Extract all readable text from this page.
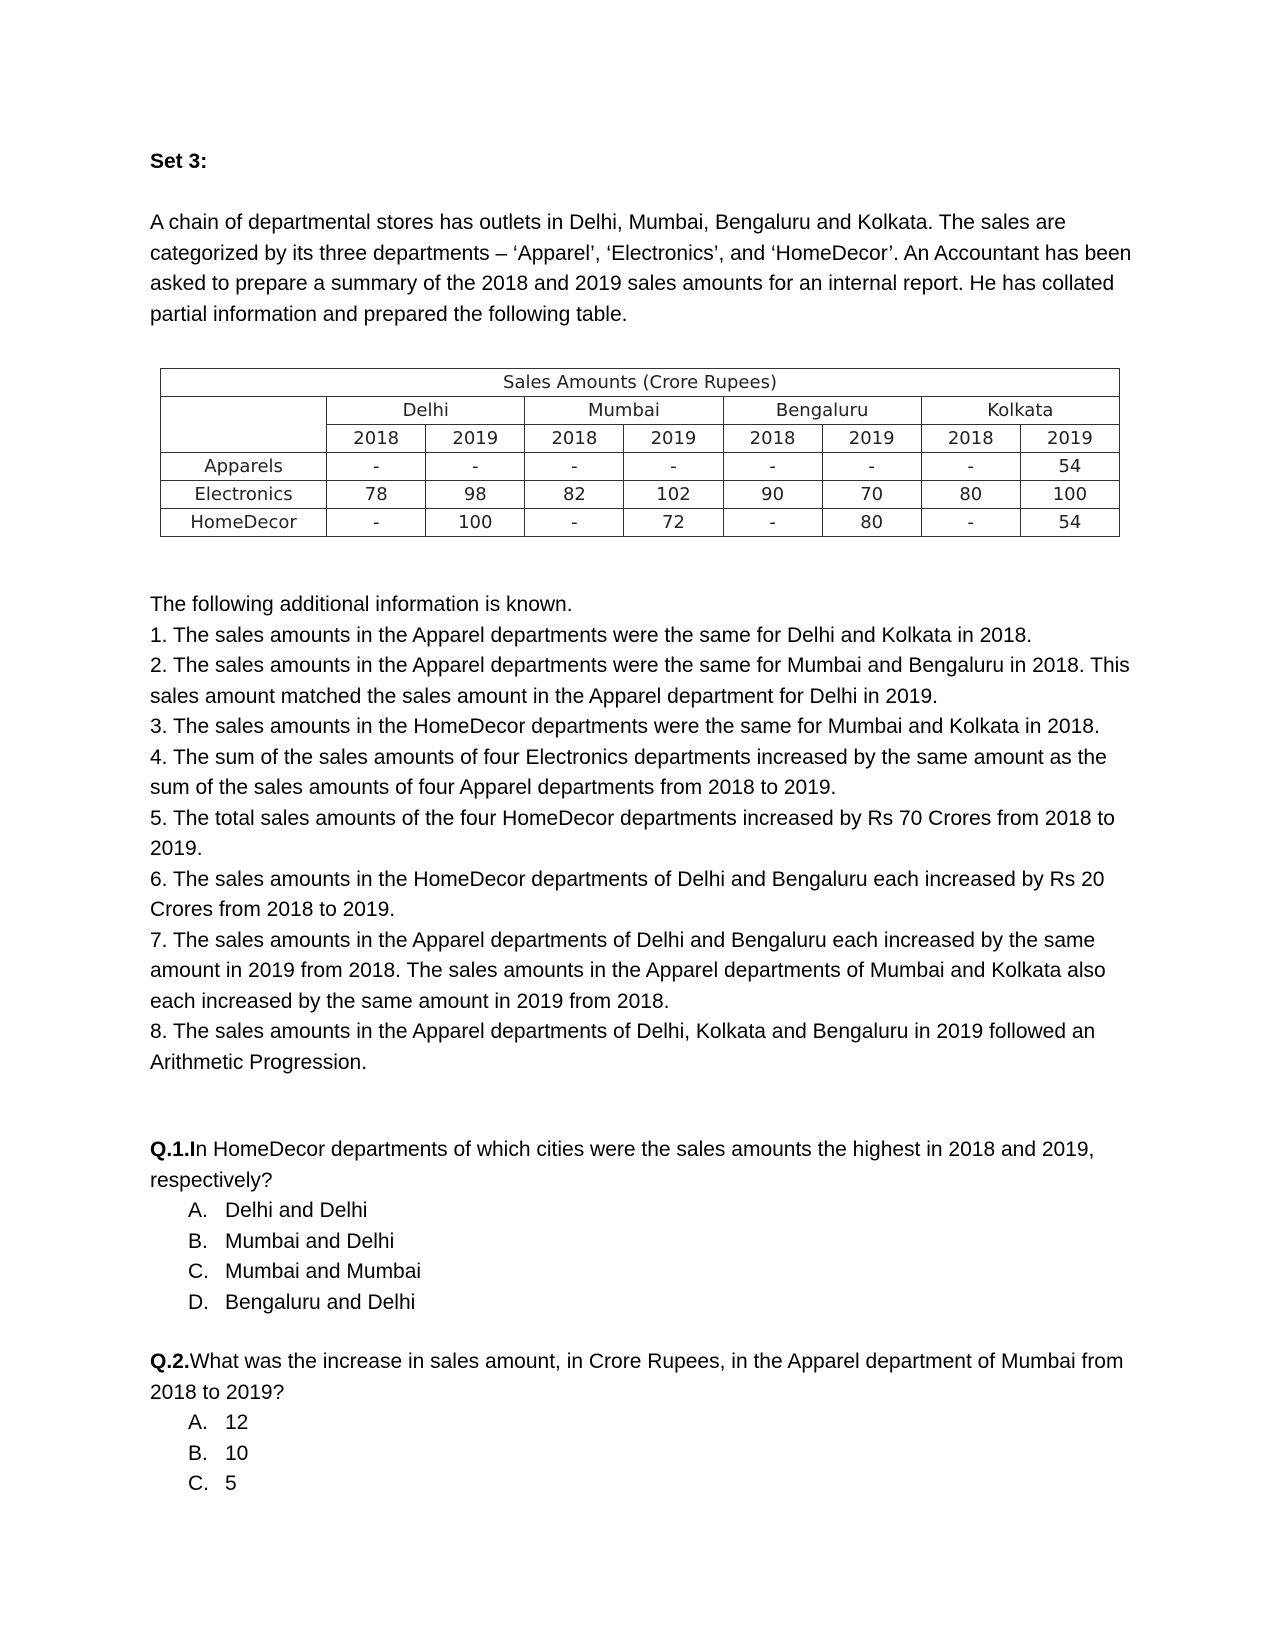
Set 3:

A chain of departmental stores has outlets in Delhi, Mumbai, Bengaluru and Kolkata. The sales are categorized by its three departments – ‘Apparel’, ‘Electronics’, and ‘HomeDecor’. An Accountant has been asked to prepare a summary of the 2018 and 2019 sales amounts for an internal report. He has collated partial information and prepared the following table.

Sales Amounts (Crore Rupees)								
	Delhi		Mumbai		Bengaluru		Kolkata	
	2018	2019	2018	2019	2018	2019	2018	2019
Apparels	-	-	-	-	-	-	-	54
Electronics	78	98	82	102	90	70	80	100
HomeDecor	-	100	-	72	-	80	-	54

The following additional information is known.

1. The sales amounts in the Apparel departments were the same for Delhi and Kolkata in 2018.

2. The sales amounts in the Apparel departments were the same for Mumbai and Bengaluru in 2018. This sales amount matched the sales amount in the Apparel department for Delhi in 2019.

3. The sales amounts in the HomeDecor departments were the same for Mumbai and Kolkata in 2018.

4. The sum of the sales amounts of four Electronics departments increased by the same amount as the sum of the sales amounts of four Apparel departments from 2018 to 2019.

5. The total sales amounts of the four HomeDecor departments increased by Rs 70 Crores from 2018 to 2019.

6. The sales amounts in the HomeDecor departments of Delhi and Bengaluru each increased by Rs 20 Crores from 2018 to 2019.

7. The sales amounts in the Apparel departments of Delhi and Bengaluru each increased by the same amount in 2019 from 2018. The sales amounts in the Apparel departments of Mumbai and Kolkata also each increased by the same amount in 2019 from 2018.

8. The sales amounts in the Apparel departments of Delhi, Kolkata and Bengaluru in 2019 followed an Arithmetic Progression.

Q.1.In HomeDecor departments of which cities were the sales amounts the highest in 2018 and 2019, respectively?

A. Delhi and Delhi
B. Mumbai and Delhi
C. Mumbai and Mumbai
D. Bengaluru and Delhi

Q.2.What was the increase in sales amount, in Crore Rupees, in the Apparel department of Mumbai from 2018 to 2019?

A. 12
B. 10
C. 5
